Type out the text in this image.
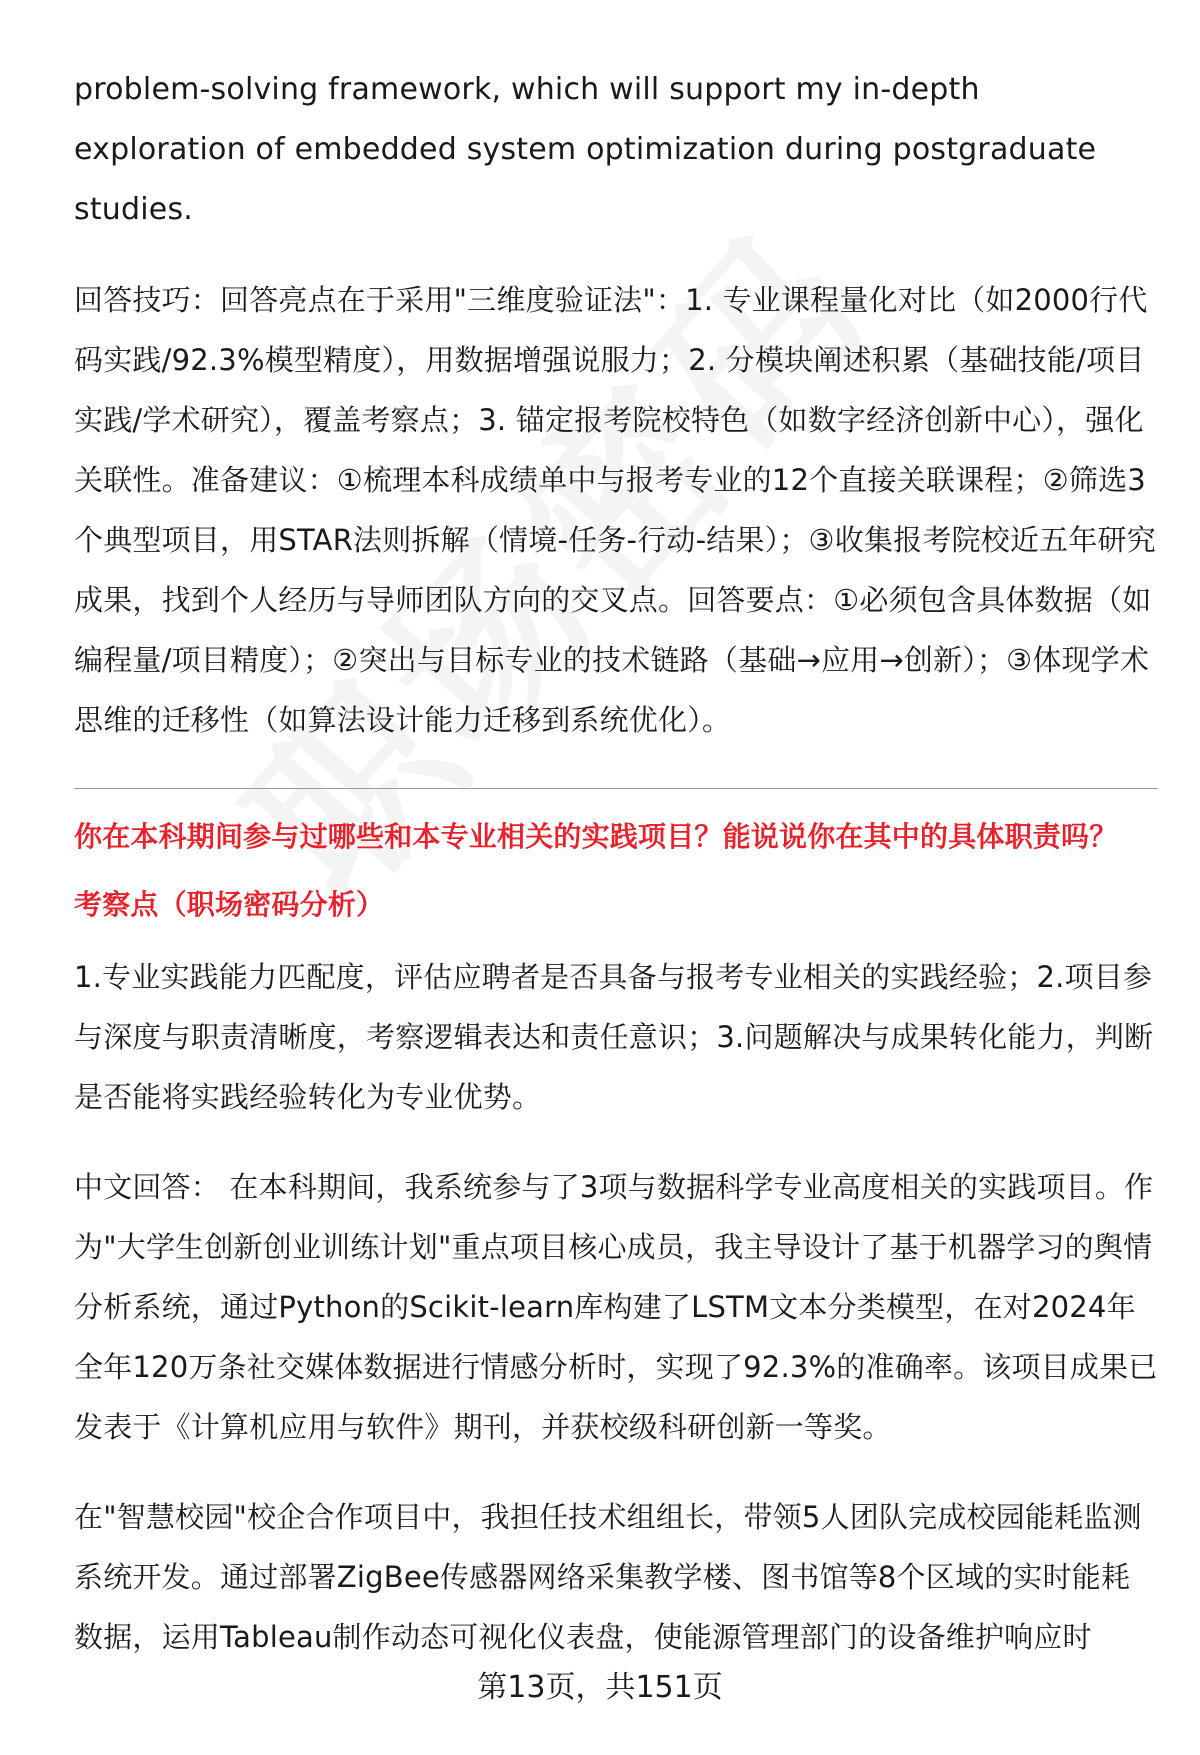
problem-solving framework, which will support my in-depth exploration of embedded system optimization during postgraduate studies.

回答技巧：回答亮点在于采用"三维度验证法"：1. 专业课程量化对比（如2000行代码实践/92.3%模型精度），用数据增强说服力；2. 分模块阐述积累（基础技能/项目实践/学术研究），覆盖考察点；3. 锚定报考院校特色（如数字经济创新中心），强化关联性。准备建议：①梳理本科成绩单中与报考专业的12个直接关联课程；②筛选3个典型项目，用STAR法则拆解（情境-任务-行动-结果）；③收集报考院校近五年研究成果，找到个人经历与导师团队方向的交叉点。回答要点：①必须包含具体数据（如编程量/项目精度）；②突出与目标专业的技术链路（基础→应用→创新）；③体现学术思维的迁移性（如算法设计能力迁移到系统优化）。

你在本科期间参与过哪些和本专业相关的实践项目？能说说你在其中的具体职责吗？

考察点（职场密码分析）

1.专业实践能力匹配度，评估应聘者是否具备与报考专业相关的实践经验；2.项目参与深度与职责清晰度，考察逻辑表达和责任意识；3.问题解决与成果转化能力，判断是否能将实践经验转化为专业优势。

中文回答： 在本科期间，我系统参与了3项与数据科学专业高度相关的实践项目。作为"大学生创新创业训练计划"重点项目核心成员，我主导设计了基于机器学习的舆情分析系统，通过Python的Scikit-learn库构建了LSTM文本分类模型，在对2024年全年120万条社交媒体数据进行情感分析时，实现了92.3%的准确率。该项目成果已发表于《计算机应用与软件》期刊，并获校级科研创新一等奖。

在"智慧校园"校企合作项目中，我担任技术组组长，带领5人团队完成校园能耗监测系统开发。通过部署ZigBee传感器网络采集教学楼、图书馆等8个区域的实时能耗数据，运用Tableau制作动态可视化仪表盘，使能源管理部门的设备维护响应时

第13页，共151页
